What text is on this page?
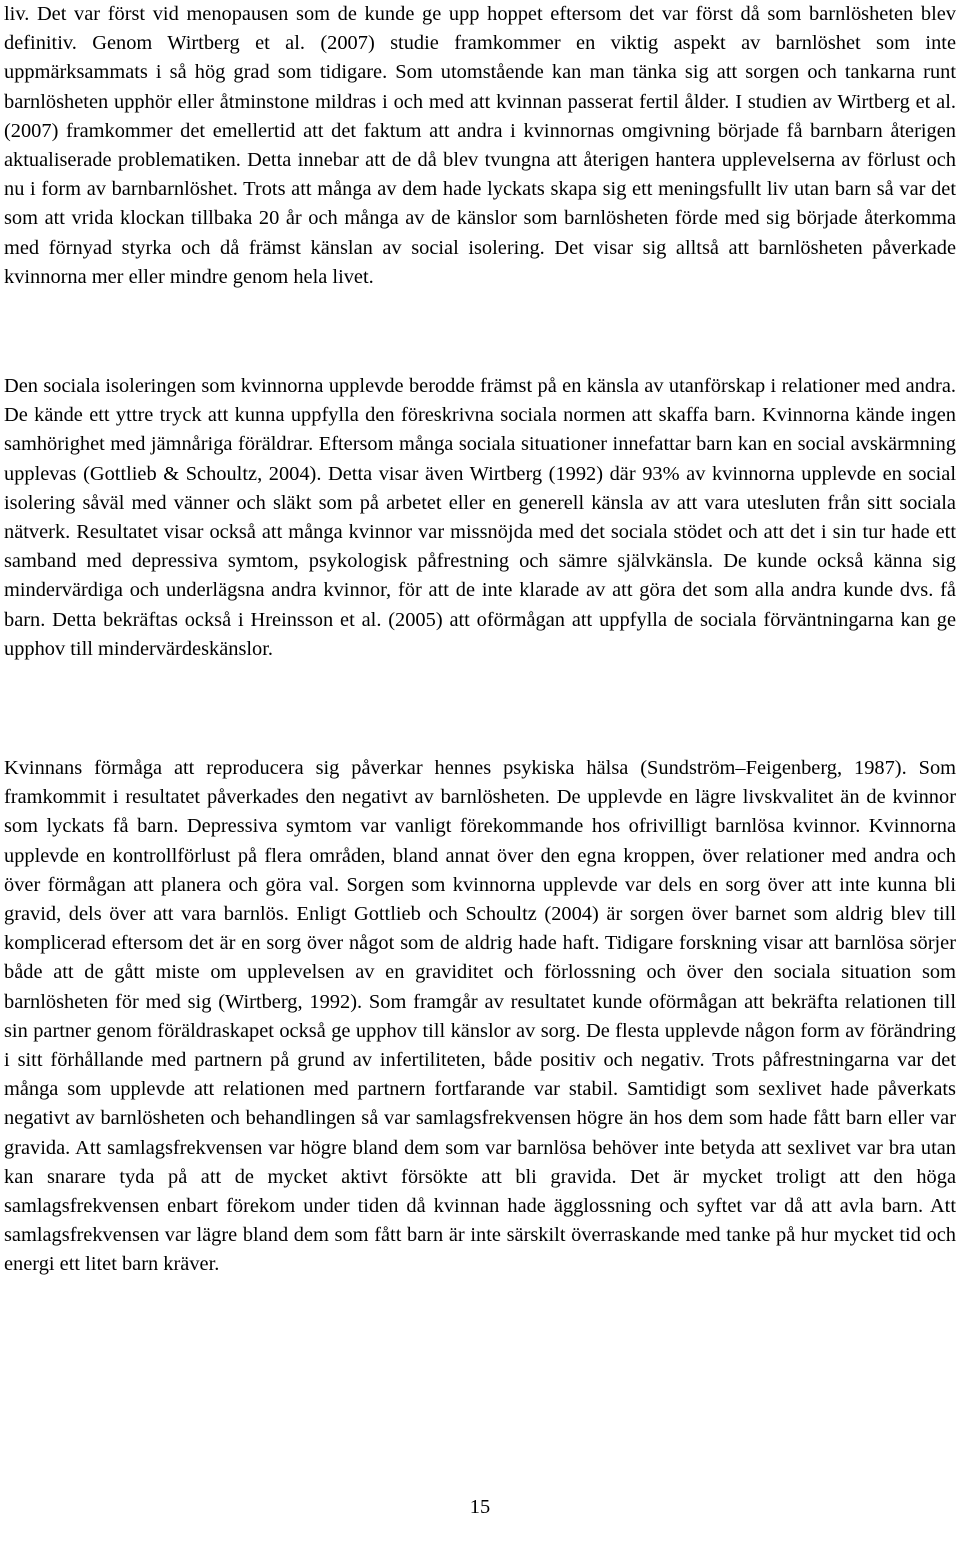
liv. Det var först vid menopausen som de kunde ge upp hoppet eftersom det var först då som barnlösheten blev definitiv. Genom Wirtberg et al. (2007) studie framkommer en viktig aspekt av barnlöshet som inte uppmärksammats i så hög grad som tidigare. Som utomstående kan man tänka sig att sorgen och tankarna runt barnlösheten upphör eller åtminstone mildras i och med att kvinnan passerat fertil ålder. I studien av Wirtberg et al. (2007) framkommer det emellertid att det faktum att andra i kvinnornas omgivning började få barnbarn återigen aktualiserade problematiken. Detta innebar att de då blev tvungna att återigen hantera upplevelserna av förlust och nu i form av barnbarnlöshet. Trots att många av dem hade lyckats skapa sig ett meningsfullt liv utan barn så var det som att vrida klockan tillbaka 20 år och många av de känslor som barnlösheten förde med sig började återkomma med förnyad styrka och då främst känslan av social isolering. Det visar sig alltså att barnlösheten påverkade kvinnorna mer eller mindre genom hela livet.

Den sociala isoleringen som kvinnorna upplevde berodde främst på en känsla av utanförskap i relationer med andra. De kände ett yttre tryck att kunna uppfylla den föreskrivna sociala normen att skaffa barn. Kvinnorna kände ingen samhörighet med jämnåriga föräldrar. Eftersom många sociala situationer innefattar barn kan en social avskärmning upplevas (Gottlieb & Schoultz, 2004). Detta visar även Wirtberg (1992) där 93% av kvinnorna upplevde en social isolering såväl med vänner och släkt som på arbetet eller en generell känsla av att vara utesluten från sitt sociala nätverk. Resultatet visar också att många kvinnor var missnöjda med det sociala stödet och att det i sin tur hade ett samband med depressiva symtom, psykologisk påfrestning och sämre självkänsla. De kunde också känna sig mindervärdiga och underlägsna andra kvinnor, för att de inte klarade av att göra det som alla andra kunde dvs. få barn. Detta bekräftas också i Hreinsson et al. (2005) att oförmågan att uppfylla de sociala förväntningarna kan ge upphov till mindervärdeskänslor.

Kvinnans förmåga att reproducera sig påverkar hennes psykiska hälsa (Sundström–Feigenberg, 1987). Som framkommit i resultatet påverkades den negativt av barnlösheten. De upplevde en lägre livskvalitet än de kvinnor som lyckats få barn. Depressiva symtom var vanligt förekommande hos ofrivilligt barnlösa kvinnor. Kvinnorna upplevde en kontrollförlust på flera områden, bland annat över den egna kroppen, över relationer med andra och över förmågan att planera och göra val. Sorgen som kvinnorna upplevde var dels en sorg över att inte kunna bli gravid, dels över att vara barnlös. Enligt Gottlieb och Schoultz (2004) är sorgen över barnet som aldrig blev till komplicerad eftersom det är en sorg över något som de aldrig hade haft. Tidigare forskning visar att barnlösa sörjer både att de gått miste om upplevelsen av en graviditet och förlossning och över den sociala situation som barnlösheten för med sig (Wirtberg, 1992). Som framgår av resultatet kunde oförmågan att bekräfta relationen till sin partner genom föräldraskapet också ge upphov till känslor av sorg. De flesta upplevde någon form av förändring i sitt förhållande med partnern på grund av infertiliteten, både positiv och negativ. Trots påfrestningarna var det många som upplevde att relationen med partnern fortfarande var stabil. Samtidigt som sexlivet hade påverkats negativt av barnlösheten och behandlingen så var samlagsfrekvensen högre än hos dem som hade fått barn eller var gravida. Att samlagsfrekvensen var högre bland dem som var barnlösa behöver inte betyda att sexlivet var bra utan kan snarare tyda på att de mycket aktivt försökte att bli gravida. Det är mycket troligt att den höga samlagsfrekvensen enbart förekom under tiden då kvinnan hade ägglossning och syftet var då att avla barn. Att samlagsfrekvensen var lägre bland dem som fått barn är inte särskilt överraskande med tanke på hur mycket tid och energi ett litet barn kräver.

15
